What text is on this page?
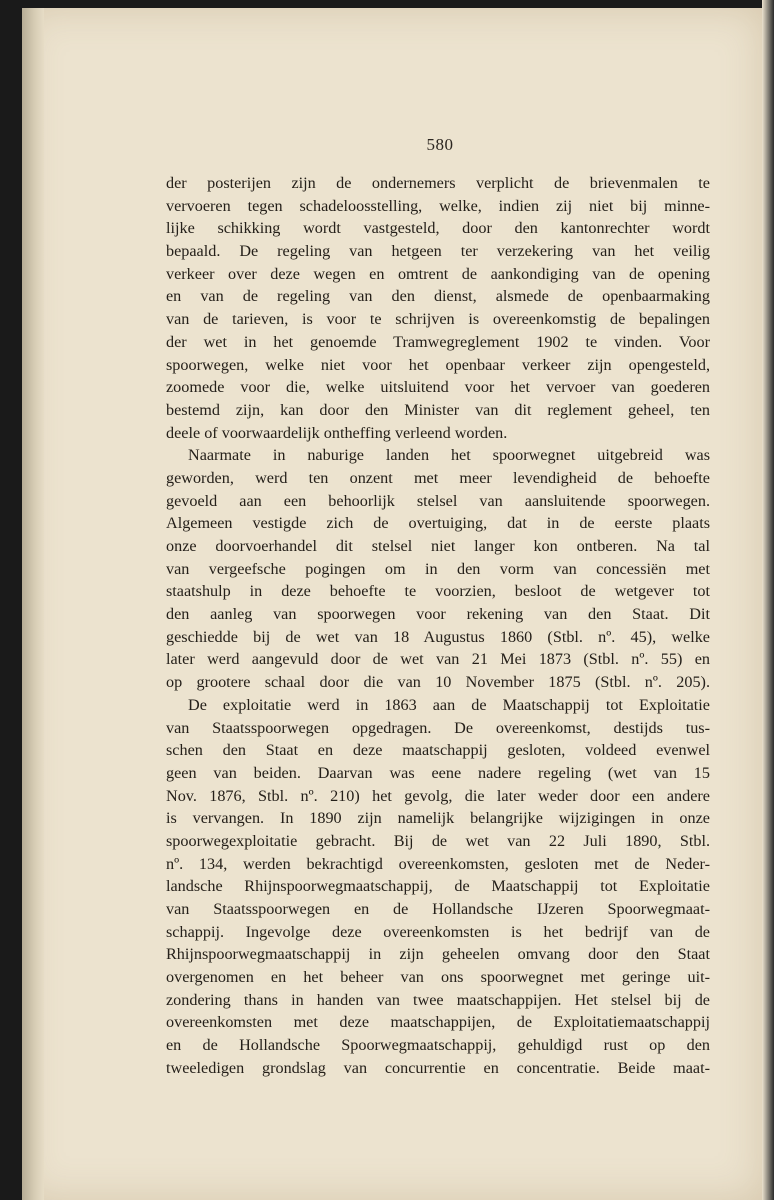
580
der posterijen zijn de ondernemers verplicht de brievenmalen te
vervoeren tegen schadeloosstelling, welke, indien zij niet bij minne-
lijke schikking wordt vastgesteld, door den kantonrechter wordt
bepaald. De regeling van hetgeen ter verzekering van het veilig
verkeer over deze wegen en omtrent de aankondiging van de opening
en van de regeling van den dienst, alsmede de openbaarmaking
van de tarieven, is voor te schrijven is overeenkomstig de bepalingen
der wet in het genoemde Tramwegreglement 1902 te vinden. Voor
spoorwegen, welke niet voor het openbaar verkeer zijn opengesteld,
zoomede voor die, welke uitsluitend voor het vervoer van goederen
bestemd zijn, kan door den Minister van dit reglement geheel, ten
deele of voorwaardelijk ontheffing verleend worden.
Naarmate in naburige landen het spoorwegnet uitgebreid was
geworden, werd ten onzent met meer levendigheid de behoefte
gevoeld aan een behoorlijk stelsel van aansluitende spoorwegen.
Algemeen vestigde zich de overtuiging, dat in de eerste plaats
onze doorvoerhandel dit stelsel niet langer kon ontberen. Na tal
van vergeefsche pogingen om in den vorm van concessiën met
staatshulp in deze behoefte te voorzien, besloot de wetgever tot
den aanleg van spoorwegen voor rekening van den Staat. Dit
geschiedde bij de wet van 18 Augustus 1860 (Stbl. nº. 45), welke
later werd aangevuld door de wet van 21 Mei 1873 (Stbl. nº. 55) en
op grootere schaal door die van 10 November 1875 (Stbl. nº. 205).
De exploitatie werd in 1863 aan de Maatschappij tot Exploitatie
van Staatsspoorwegen opgedragen. De overeenkomst, destijds tus-
schen den Staat en deze maatschappij gesloten, voldeed evenwel
geen van beiden. Daarvan was eene nadere regeling (wet van 15
Nov. 1876, Stbl. nº. 210) het gevolg, die later weder door een andere
is vervangen. In 1890 zijn namelijk belangrijke wijzigingen in onze
spoorwegexploitatie gebracht. Bij de wet van 22 Juli 1890, Stbl.
nº. 134, werden bekrachtigd overeenkomsten, gesloten met de Neder-
landsche Rhijnspoorwegmaatschappij, de Maatschappij tot Exploitatie
van Staatsspoorwegen en de Hollandsche IJzeren Spoorwegmaat-
schappij. Ingevolge deze overeenkomsten is het bedrijf van de
Rhijnspoorwegmaatschappij in zijn geheelen omvang door den Staat
overgenomen en het beheer van ons spoorwegnet met geringe uit-
zondering thans in handen van twee maatschappijen. Het stelsel bij de
overeenkomsten met deze maatschappijen, de Exploitatiemaatschappij
en de Hollandsche Spoorwegmaatschappij, gehuldigd rust op den
tweeledigen grondslag van concurrentie en concentratie. Beide maat-
